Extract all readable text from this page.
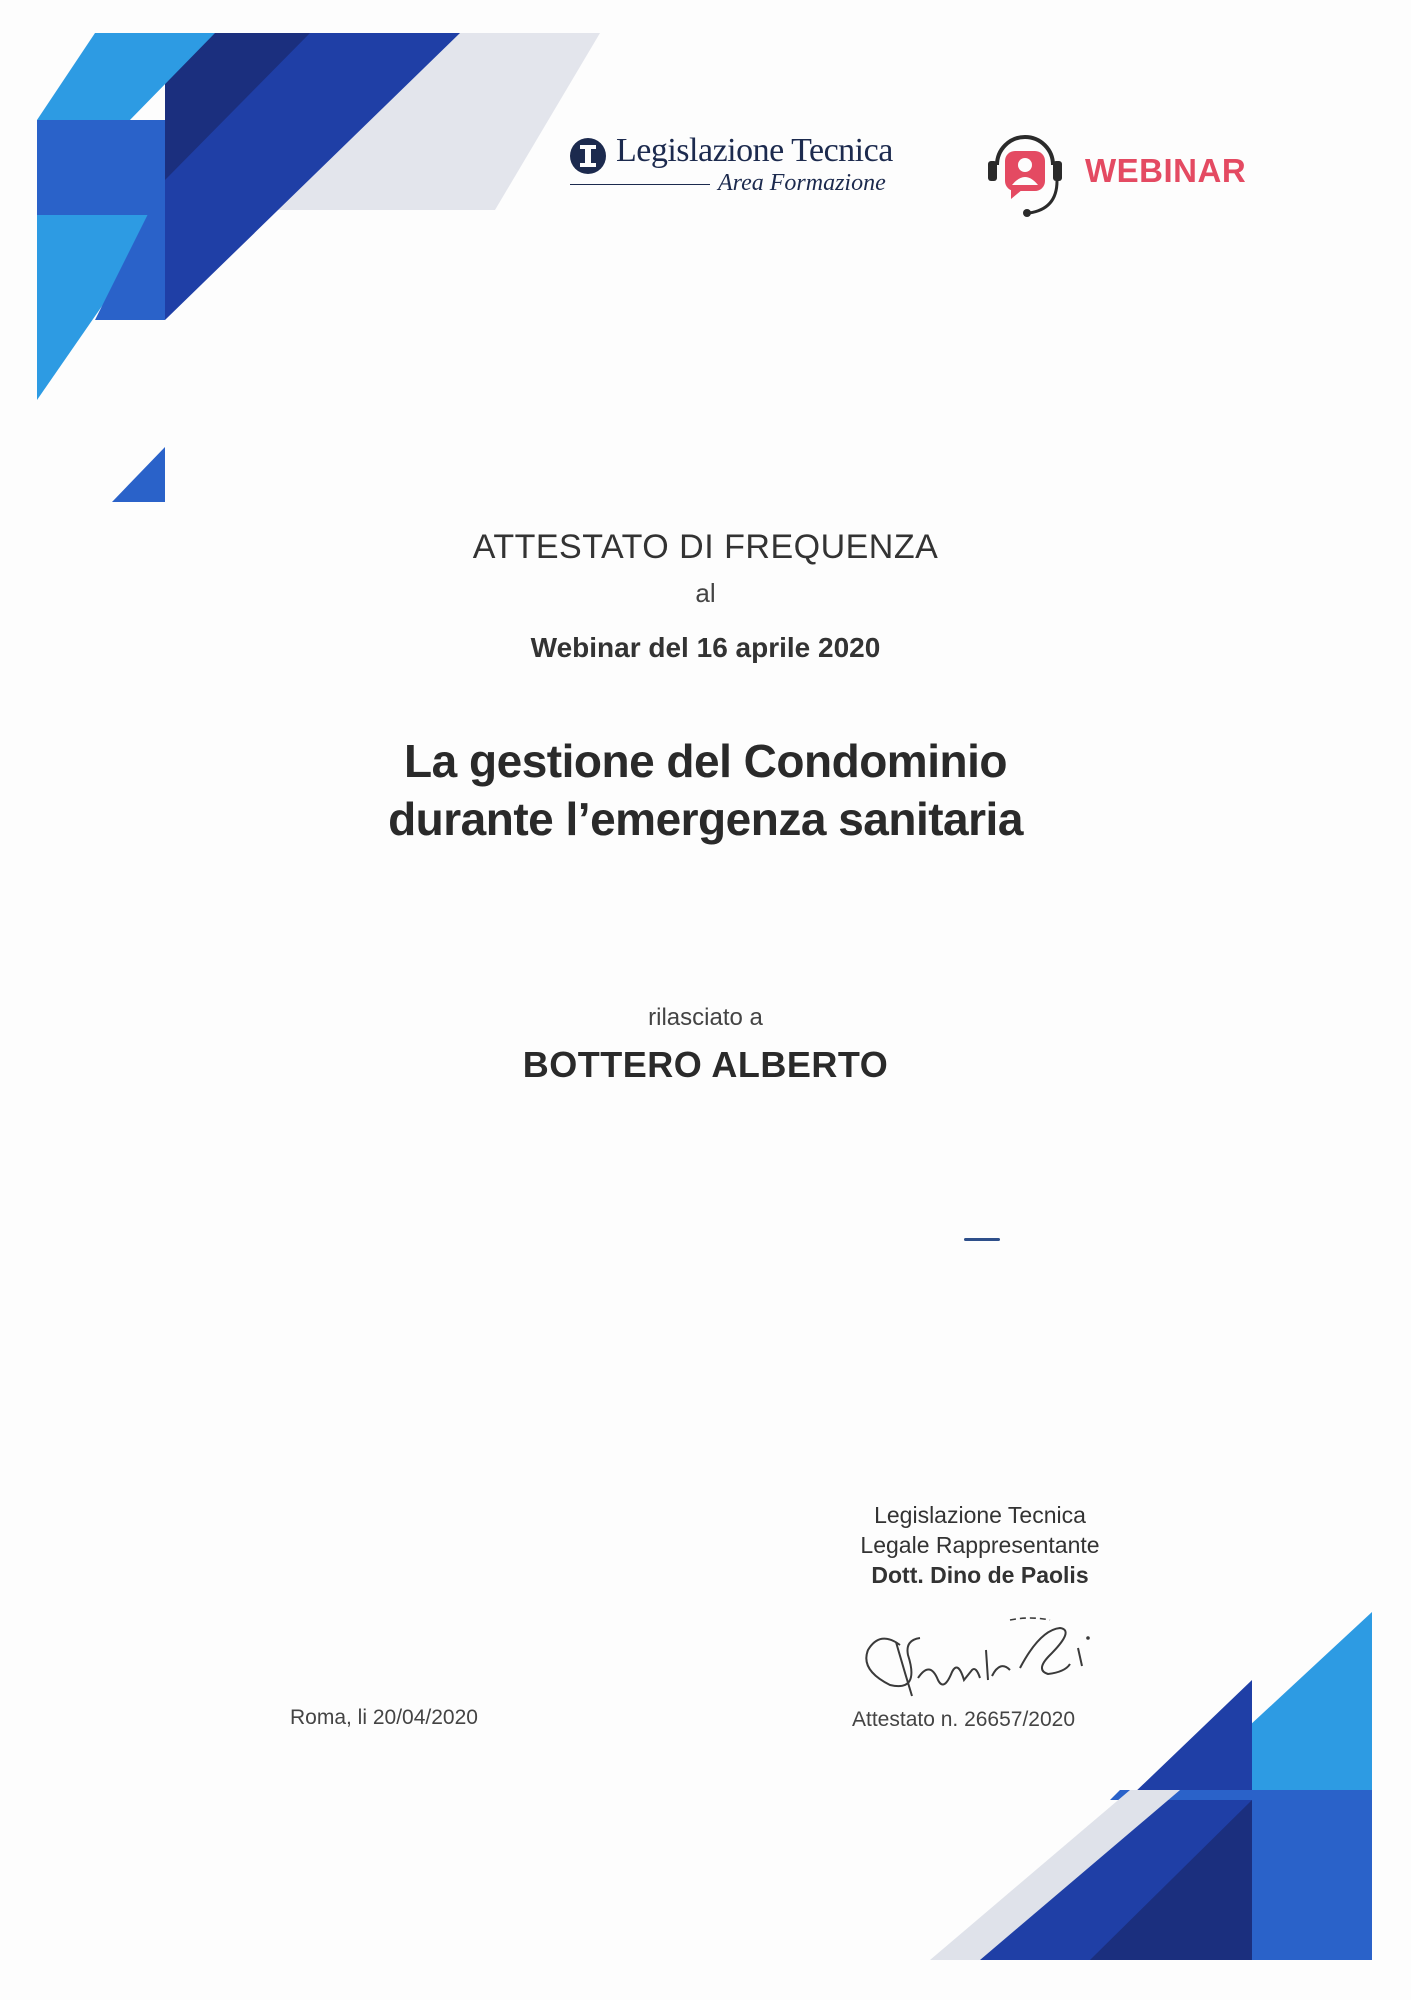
Legislazione Tecnica
Area Formazione	WEBINAR
ATTESTATO DI FREQUENZA
al
Webinar del 16 aprile 2020
La gestione del Condominio
durante l’emergenza sanitaria
rilasciato a
BOTTERO ALBERTO
Legislazione Tecnica
Legale Rappresentante
Dott. Dino de Paolis
Roma, li 20/04/2020	Attestato n. 26657/2020
